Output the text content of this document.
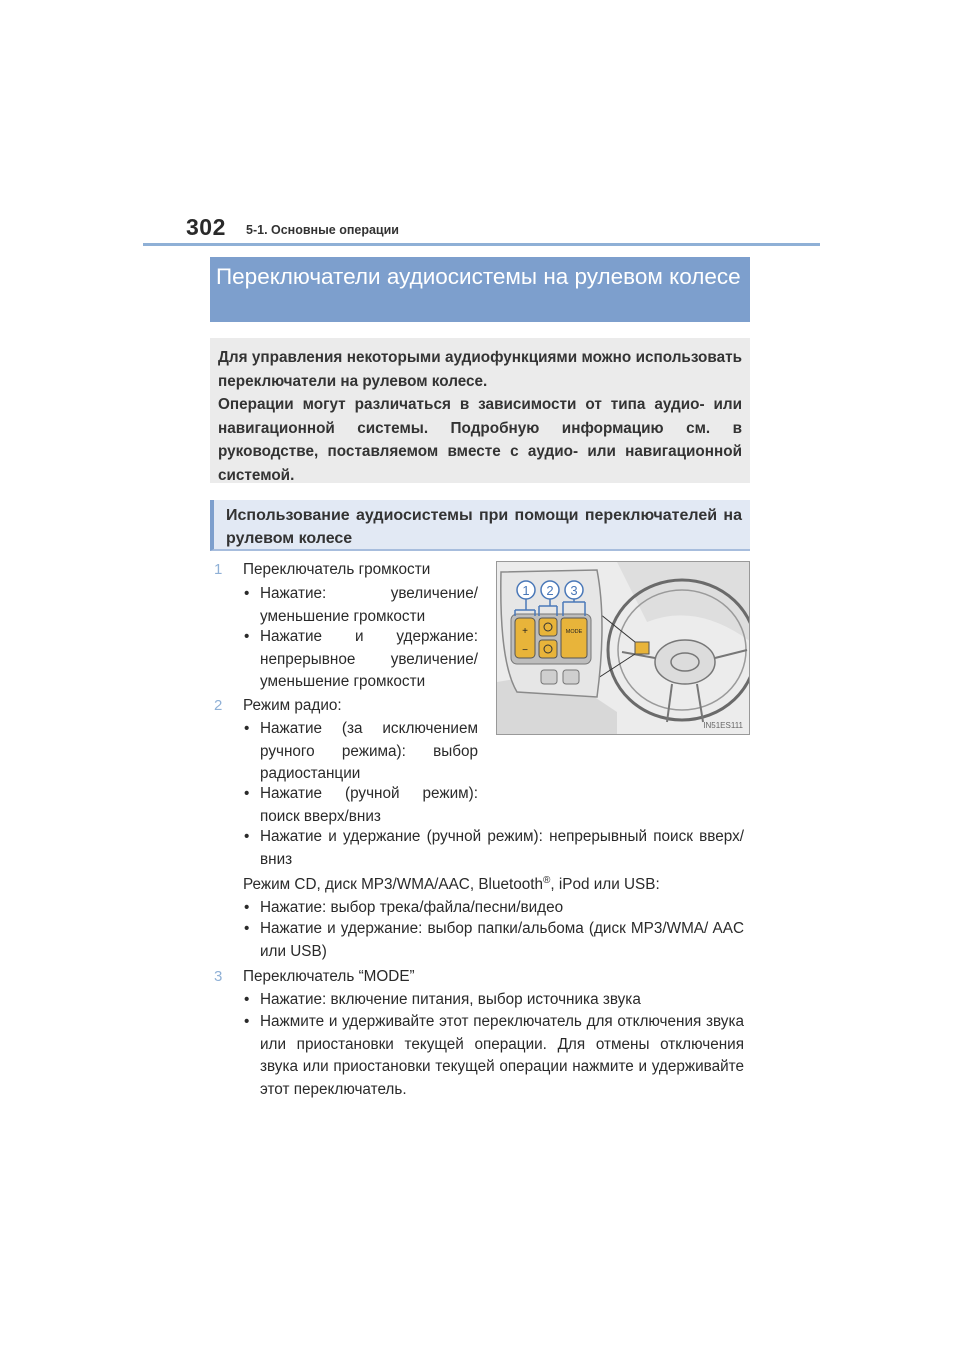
302 5-1. Основные операции
Переключатели аудиосистемы на рулевом колесе

Для управления некоторыми аудиофункциями можно использовать переключатели на рулевом колесе.

Операции могут различаться в зависимости от типа аудио- или навигационной системы. Подробную информацию см. в руководстве, поставляемом вместе с аудио- или навигационной системой.

Использование аудиосистемы при помощи переключателей на рулевом колесе
+
−
MODE
1 2 3
IN51ES111
1	Переключатель громкости
• Нажатие: увеличение/ уменьшение громкости
• Нажатие и удержание: непрерывное увеличение/ уменьшение громкости
2	Режим радио:
• Нажатие (за исключением ручного режима): выбор радиостанции
• Нажатие (ручной режим): поиск вверх/вниз
• Нажатие и удержание (ручной режим): непрерывный поиск вверх/вниз
Режим CD, диск MP3/WMA/AAC, Bluetooth®, iPod или USB:
• Нажатие: выбор трека/файла/песни/видео
• Нажатие и удержание: выбор папки/альбома (диск MP3/WMA/ AAC или USB)
3	Переключатель “MODE”
• Нажатие: включение питания, выбор источника звука
• Нажмите и удерживайте этот переключатель для отключения звука или приостановки текущей операции. Для отмены отключения звука или приостановки текущей операции нажмите и удерживайте этот переключатель.
